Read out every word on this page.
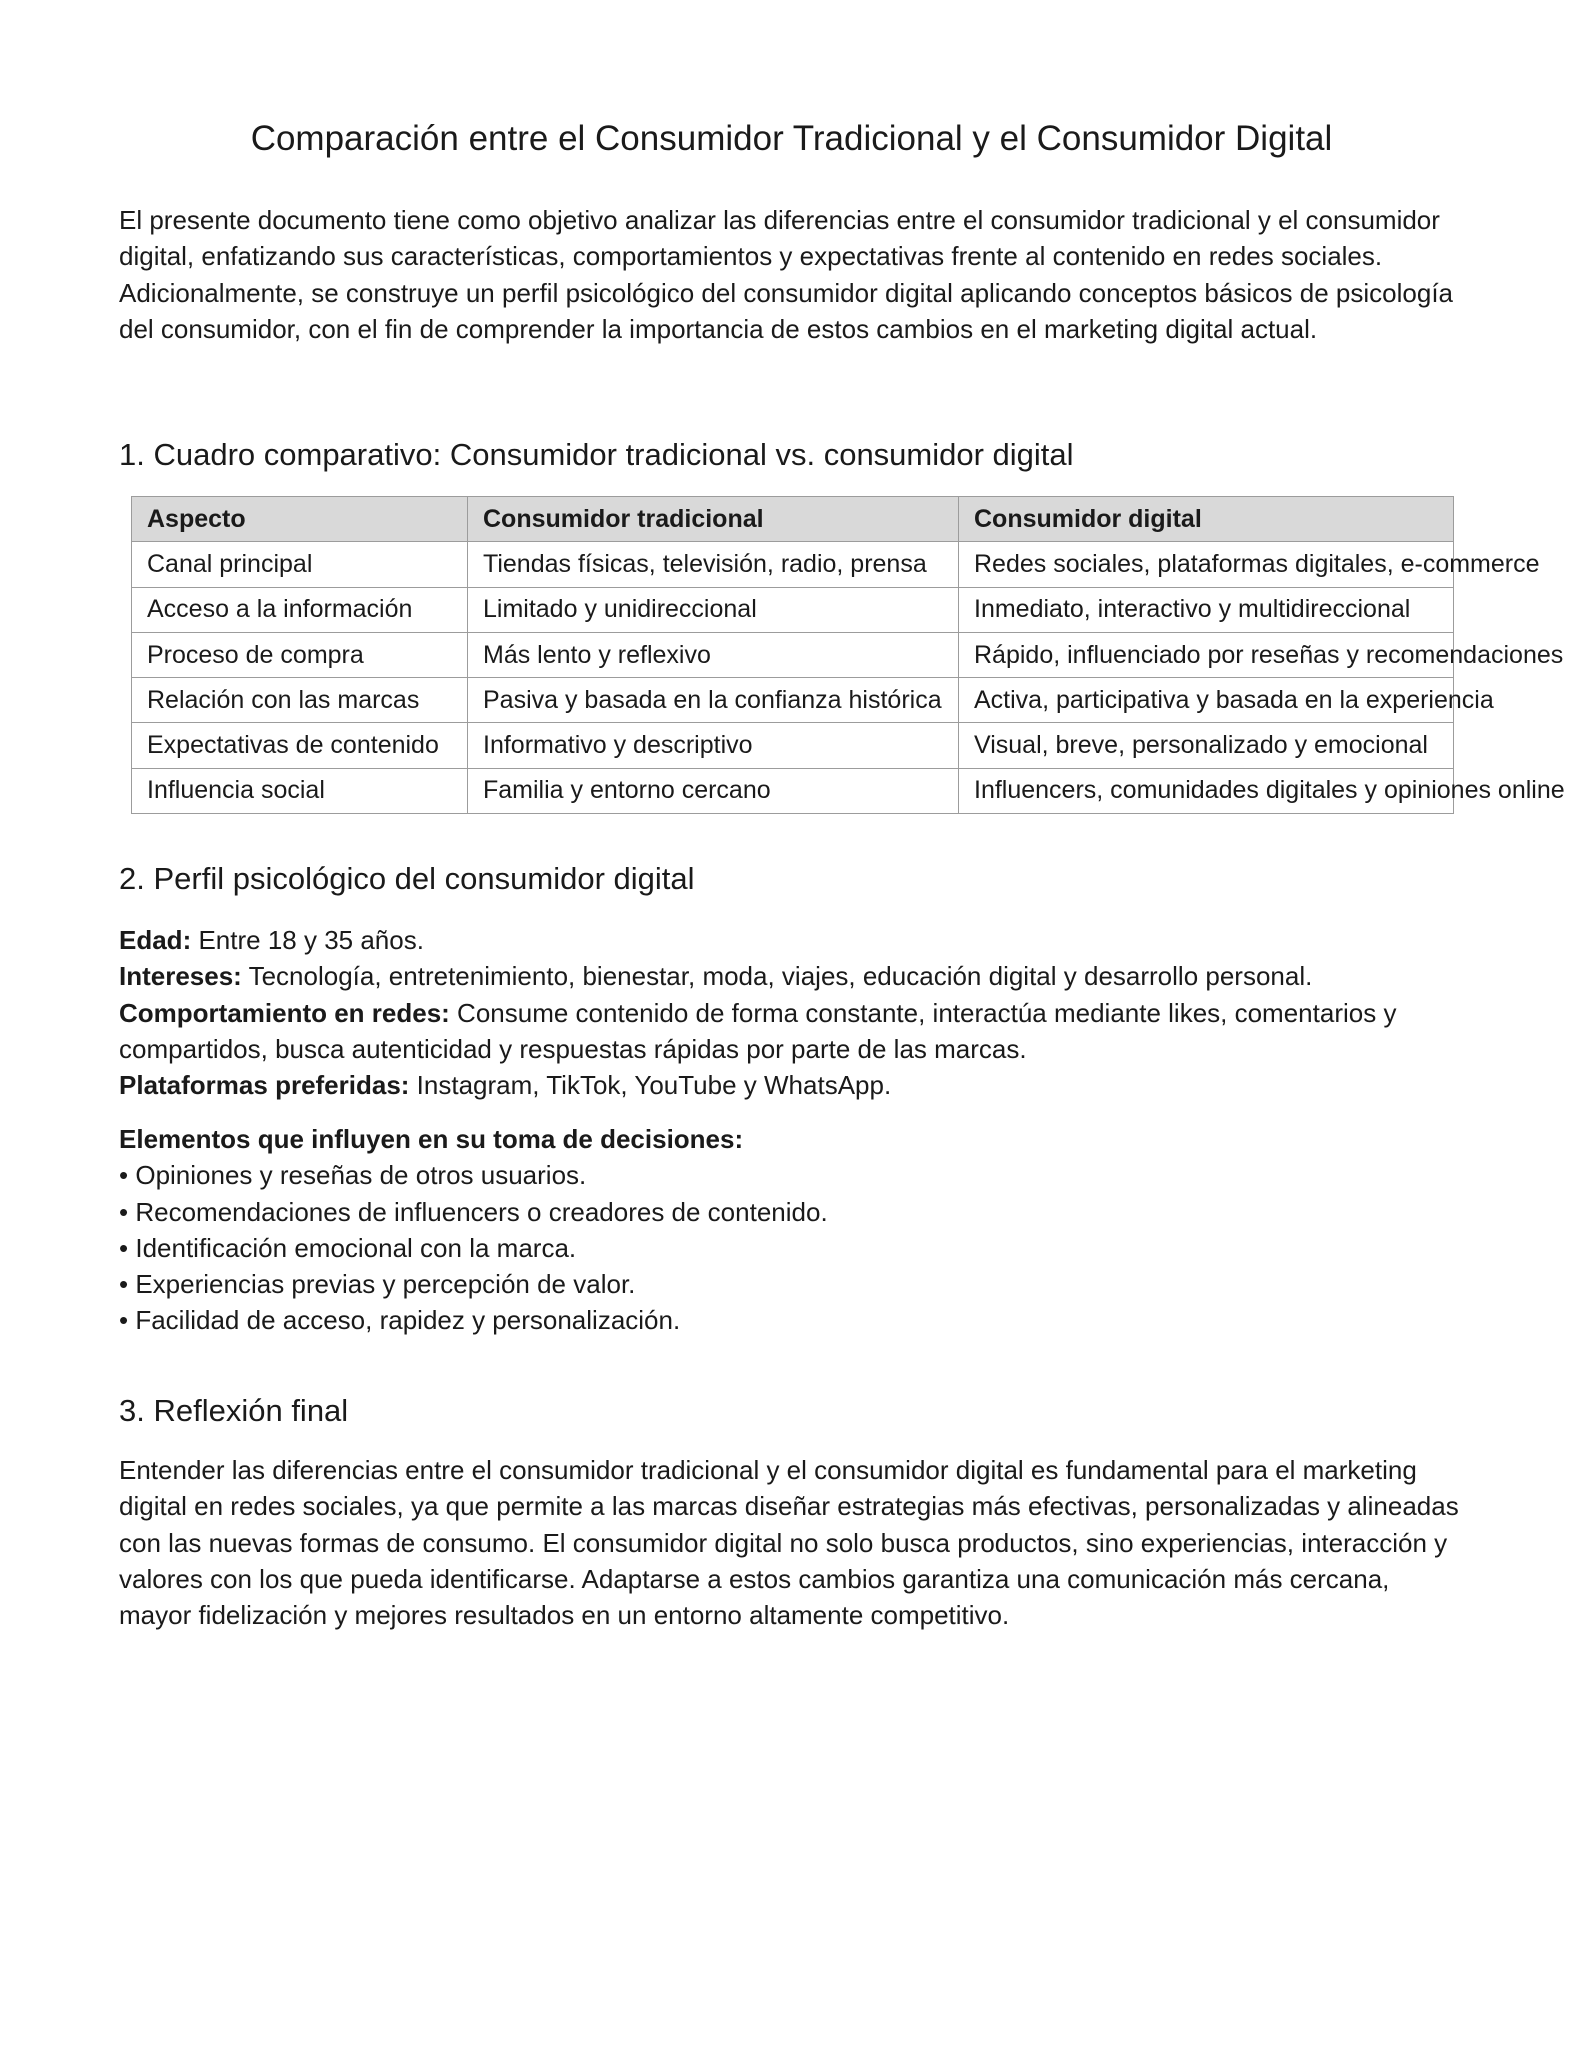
Comparación entre el Consumidor Tradicional y el Consumidor Digital

El presente documento tiene como objetivo analizar las diferencias entre el consumidor tradicional y el consumidor digital, enfatizando sus características, comportamientos y expectativas frente al contenido en redes sociales. Adicionalmente, se construye un perfil psicológico del consumidor digital aplicando conceptos básicos de psicología del consumidor, con el fin de comprender la importancia de estos cambios en el marketing digital actual.

1. Cuadro comparativo: Consumidor tradicional vs. consumidor digital
Aspecto	Consumidor tradicional	Consumidor digital
Canal principal	Tiendas físicas, televisión, radio, prensa	Redes sociales, plataformas digitales, e-commerce
Acceso a la información	Limitado y unidireccional	Inmediato, interactivo y multidireccional
Proceso de compra	Más lento y reflexivo	Rápido, influenciado por reseñas y recomendaciones
Relación con las marcas	Pasiva y basada en la confianza histórica	Activa, participativa y basada en la experiencia
Expectativas de contenido	Informativo y descriptivo	Visual, breve, personalizado y emocional
Influencia social	Familia y entorno cercano	Influencers, comunidades digitales y opiniones online
2. Perfil psicológico del consumidor digital

Edad: Entre 18 y 35 años.

Intereses: Tecnología, entretenimiento, bienestar, moda, viajes, educación digital y desarrollo personal.

Comportamiento en redes: Consume contenido de forma constante, interactúa mediante likes, comentarios y compartidos, busca autenticidad y respuestas rápidas por parte de las marcas.

Plataformas preferidas: Instagram, TikTok, YouTube y WhatsApp.

Elementos que influyen en su toma de decisiones:

• Opiniones y reseñas de otros usuarios.
• Recomendaciones de influencers o creadores de contenido.
• Identificación emocional con la marca.
• Experiencias previas y percepción de valor.
• Facilidad de acceso, rapidez y personalización.
3. Reflexión final

Entender las diferencias entre el consumidor tradicional y el consumidor digital es fundamental para el marketing digital en redes sociales, ya que permite a las marcas diseñar estrategias más efectivas, personalizadas y alineadas con las nuevas formas de consumo. El consumidor digital no solo busca productos, sino experiencias, interacción y valores con los que pueda identificarse. Adaptarse a estos cambios garantiza una comunicación más cercana, mayor fidelización y mejores resultados en un entorno altamente competitivo.
